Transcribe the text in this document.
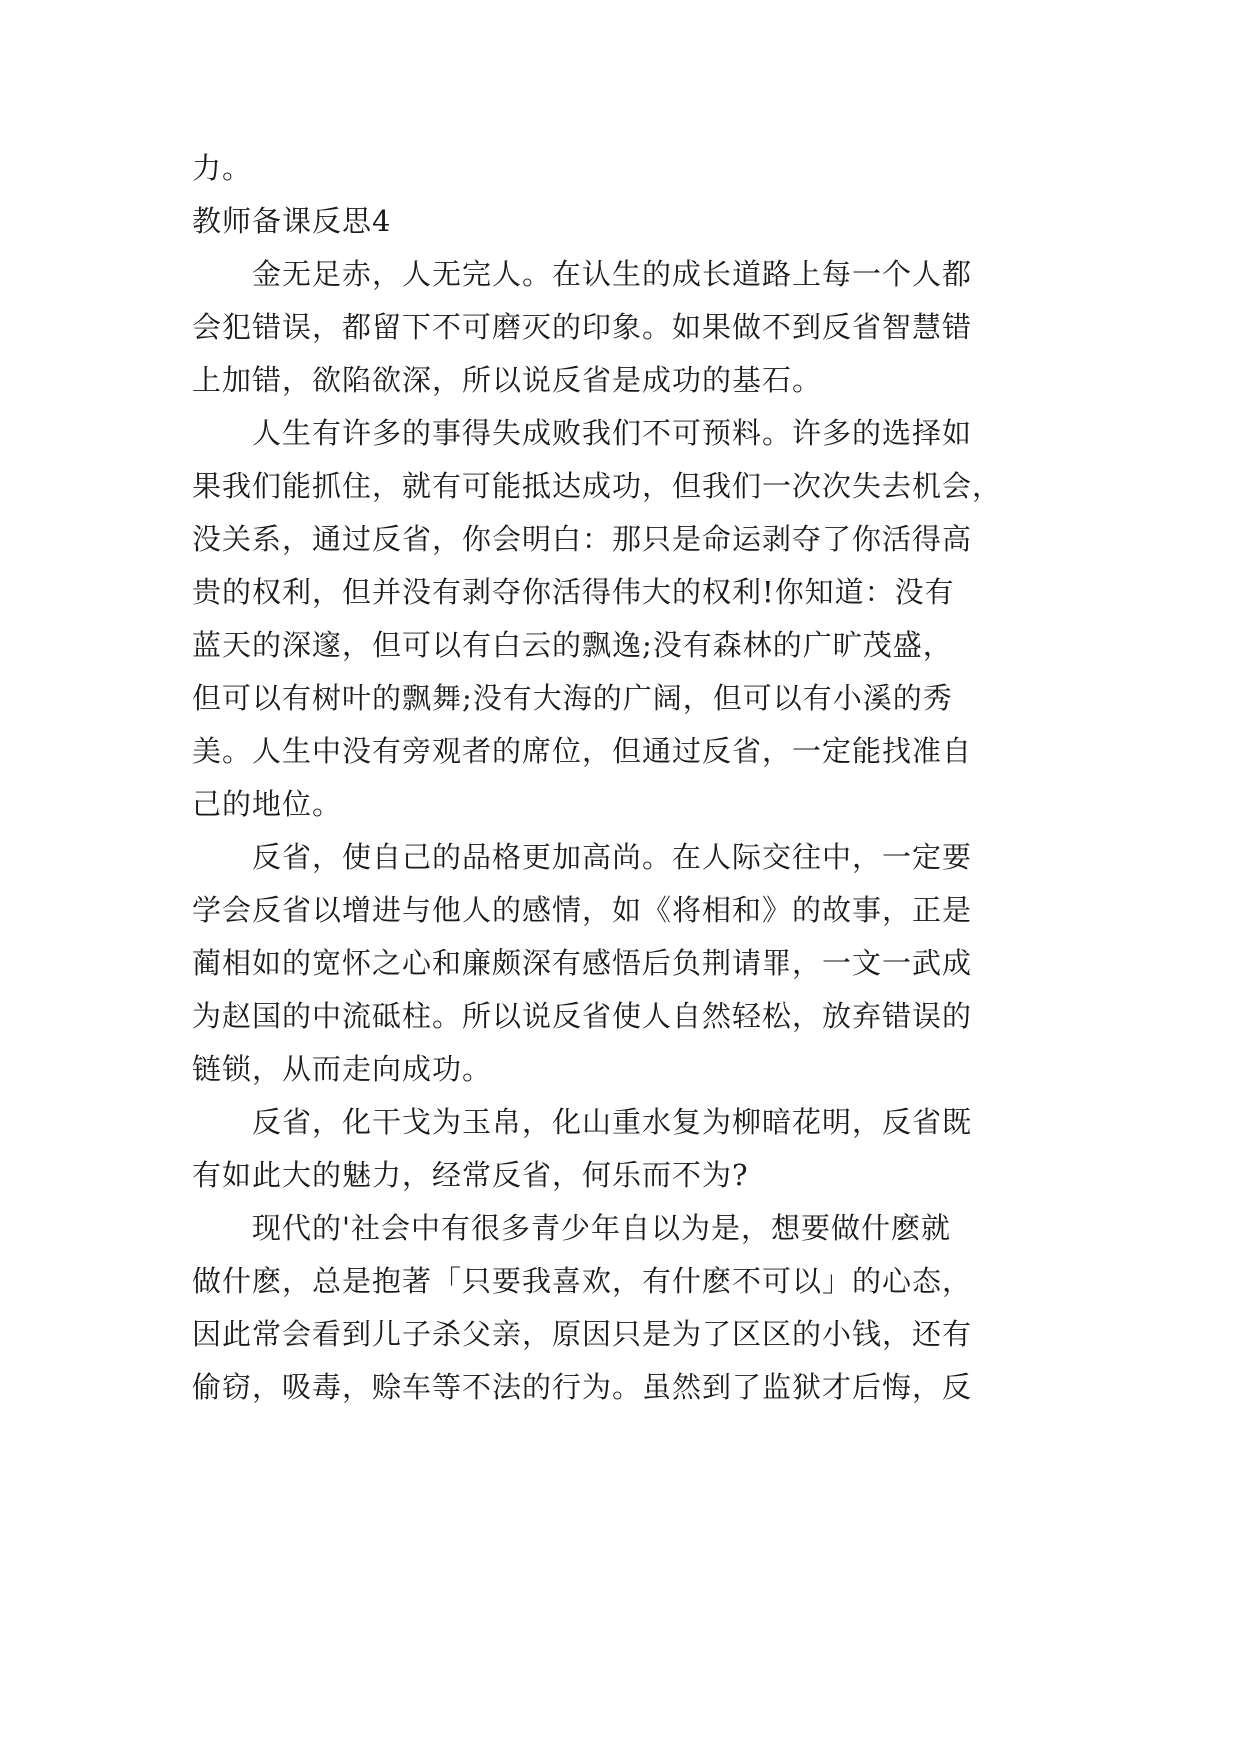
力。
教师备课反思4
　　金无足赤，人无完人。在认生的成长道路上每一个人都
会犯错误，都留下不可磨灭的印象。如果做不到反省智慧错
上加错，欲陷欲深，所以说反省是成功的基石。
　　人生有许多的事得失成败我们不可预料。许多的选择如
果我们能抓住，就有可能抵达成功，但我们一次次失去机会，
没关系，通过反省，你会明白：那只是命运剥夺了你活得高
贵的权利，但并没有剥夺你活得伟大的权利!你知道：没有
蓝天的深邃，但可以有白云的飘逸;没有森林的广旷茂盛，
但可以有树叶的飘舞;没有大海的广阔，但可以有小溪的秀
美。人生中没有旁观者的席位，但通过反省，一定能找准自
己的地位。
　　反省，使自己的品格更加高尚。在人际交往中，一定要
学会反省以增进与他人的感情，如《将相和》的故事，正是
蔺相如的宽怀之心和廉颇深有感悟后负荆请罪，一文一武成
为赵国的中流砥柱。所以说反省使人自然轻松，放弃错误的
链锁，从而走向成功。
　　反省，化干戈为玉帛，化山重水复为柳暗花明，反省既
有如此大的魅力，经常反省，何乐而不为?
　　现代的'社会中有很多青少年自以为是，想要做什麽就
做什麽，总是抱著「只要我喜欢，有什麽不可以」的心态，
因此常会看到儿子杀父亲，原因只是为了区区的小钱，还有
偷窃，吸毒，赊车等不法的行为。虽然到了监狱才后悔，反
